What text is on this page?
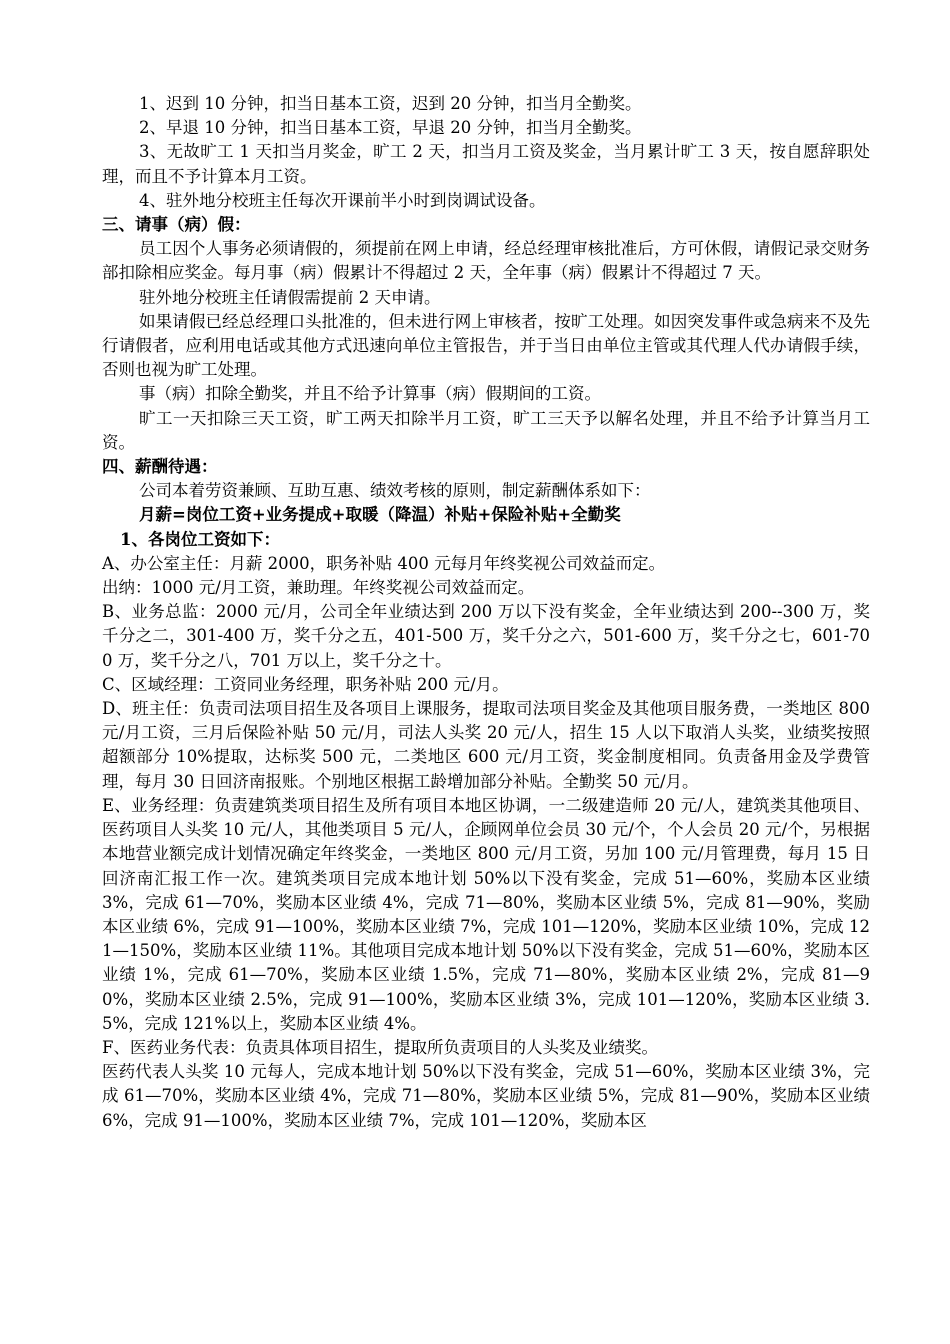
1、迟到 10 分钟，扣当日基本工资，迟到 20 分钟，扣当月全勤奖。

2、早退 10 分钟，扣当日基本工资，早退 20 分钟，扣当月全勤奖。

3、无故旷工 1 天扣当月奖金，旷工 2 天，扣当月工资及奖金，当月累计旷工 3 天，按自愿辞职处理，而且不予计算本月工资。

4、驻外地分校班主任每次开课前半小时到岗调试设备。

三、请事（病）假：

员工因个人事务必须请假的，须提前在网上申请，经总经理审核批准后，方可休假，请假记录交财务部扣除相应奖金。每月事（病）假累计不得超过 2 天，全年事（病）假累计不得超过 7 天。

驻外地分校班主任请假需提前 2 天申请。

如果请假已经总经理口头批准的，但未进行网上审核者，按旷工处理。如因突发事件或急病来不及先行请假者，应利用电话或其他方式迅速向单位主管报告，并于当日由单位主管或其代理人代办请假手续，否则也视为旷工处理。

事（病）扣除全勤奖，并且不给予计算事（病）假期间的工资。

旷工一天扣除三天工资，旷工两天扣除半月工资，旷工三天予以解名处理，并且不给予计算当月工资。

四、薪酬待遇：

公司本着劳资兼顾、互助互惠、绩效考核的原则，制定薪酬体系如下：

月薪=岗位工资+业务提成+取暖（降温）补贴+保险补贴+全勤奖

1、各岗位工资如下：

A、办公室主任：月薪 2000，职务补贴 400 元每月年终奖视公司效益而定。

出纳：1000 元/月工资，兼助理。年终奖视公司效益而定。

B、业务总监：2000 元/月，公司全年业绩达到 200 万以下没有奖金，全年业绩达到 200--300 万，奖千分之二，301-400 万，奖千分之五，401-500 万，奖千分之六，501-600 万，奖千分之七，601-700 万，奖千分之八，701 万以上，奖千分之十。

C、区域经理：工资同业务经理，职务补贴 200 元/月。

D、班主任：负责司法项目招生及各项目上课服务，提取司法项目奖金及其他项目服务费，一类地区 800 元/月工资，三月后保险补贴 50 元/月，司法人头奖 20 元/人，招生 15 人以下取消人头奖，业绩奖按照超额部分 10%提取，达标奖 500 元，二类地区 600 元/月工资，奖金制度相同。负责备用金及学费管理，每月 30 日回济南报账。个别地区根据工龄增加部分补贴。全勤奖 50 元/月。

E、业务经理：负责建筑类项目招生及所有项目本地区协调，一二级建造师 20 元/人，建筑类其他项目、医药项目人头奖 10 元/人，其他类项目 5 元/人，企顾网单位会员 30 元/个，个人会员 20 元/个，另根据本地营业额完成计划情况确定年终奖金，一类地区 800 元/月工资，另加 100 元/月管理费，每月 15 日回济南汇报工作一次。建筑类项目完成本地计划 50%以下没有奖金，完成 51—60%，奖励本区业绩 3%，完成 61—70%，奖励本区业绩 4%，完成 71—80%，奖励本区业绩 5%，完成 81—90%，奖励本区业绩 6%，完成 91—100%，奖励本区业绩 7%，完成 101—120%，奖励本区业绩 10%，完成 121—150%，奖励本区业绩 11%。其他项目完成本地计划 50%以下没有奖金，完成 51—60%，奖励本区业绩 1%，完成 61—70%，奖励本区业绩 1.5%，完成 71—80%，奖励本区业绩 2%，完成 81—90%，奖励本区业绩 2.5%，完成 91—100%，奖励本区业绩 3%，完成 101—120%，奖励本区业绩 3.5%，完成 121%以上，奖励本区业绩 4%。

F、医药业务代表：负责具体项目招生，提取所负责项目的人头奖及业绩奖。

医药代表人头奖 10 元每人，完成本地计划 50%以下没有奖金，完成 51—60%，奖励本区业绩 3%，完成 61—70%，奖励本区业绩 4%，完成 71—80%，奖励本区业绩 5%，完成 81—90%，奖励本区业绩 6%，完成 91—100%，奖励本区业绩 7%，完成 101—120%，奖励本区
